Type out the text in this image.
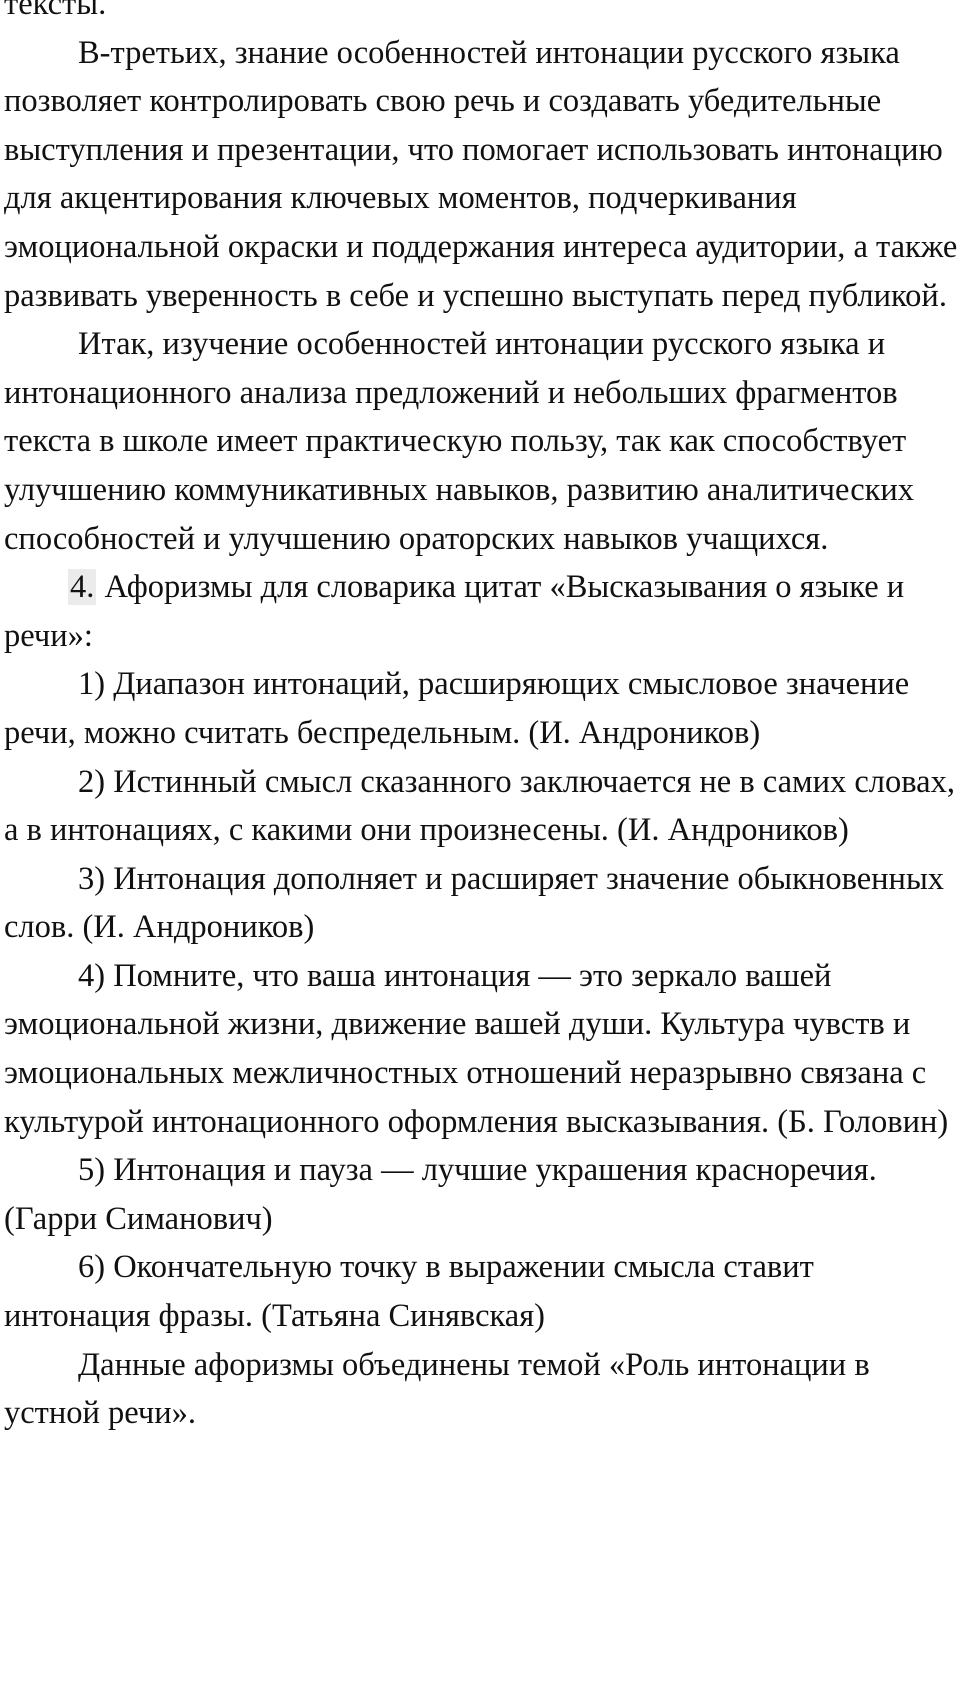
тексты.

В-третьих, знание особенностей интонации русского языка позволяет контролировать свою речь и создавать убедительные выступления и презентации, что помогает использовать интонацию для акцентирования ключевых моментов, подчеркивания эмоциональной окраски и поддержания интереса аудитории, а также развивать уверенность в себе и успешно выступать перед публикой.

Итак, изучение особенностей интонации русского языка и интонационного анализа предложений и небольших фрагментов текста в школе имеет практическую пользу, так как способствует улучшению коммуникативных навыков, развитию аналитических способностей и улучшению ораторских навыков учащихся.

4. Афоризмы для словарика цитат «Высказывания о языке и речи»:

1) Диапазон интонаций, расширяющих смысловое значение речи, можно считать беспредельным. (И. Андроников)

2) Истинный смысл сказанного заключается не в самих словах, а в интонациях, с какими они произнесены. (И. Андроников)

3) Интонация дополняет и расширяет значение обыкновенных слов. (И. Андроников)

4) Помните, что ваша интонация — это зеркало вашей эмоциональной жизни, движение вашей души. Культура чувств и эмоциональных межличностных отношений неразрывно связана с культурой интонационного оформления высказывания. (Б. Головин)

5) Интонация и пауза — лучшие украшения красноречия. (Гарри Симанович)

6) Окончательную точку в выражении смысла ставит интонация фразы. (Татьяна Синявская)

Данные афоризмы объединены темой «Роль интонации в устной речи».
